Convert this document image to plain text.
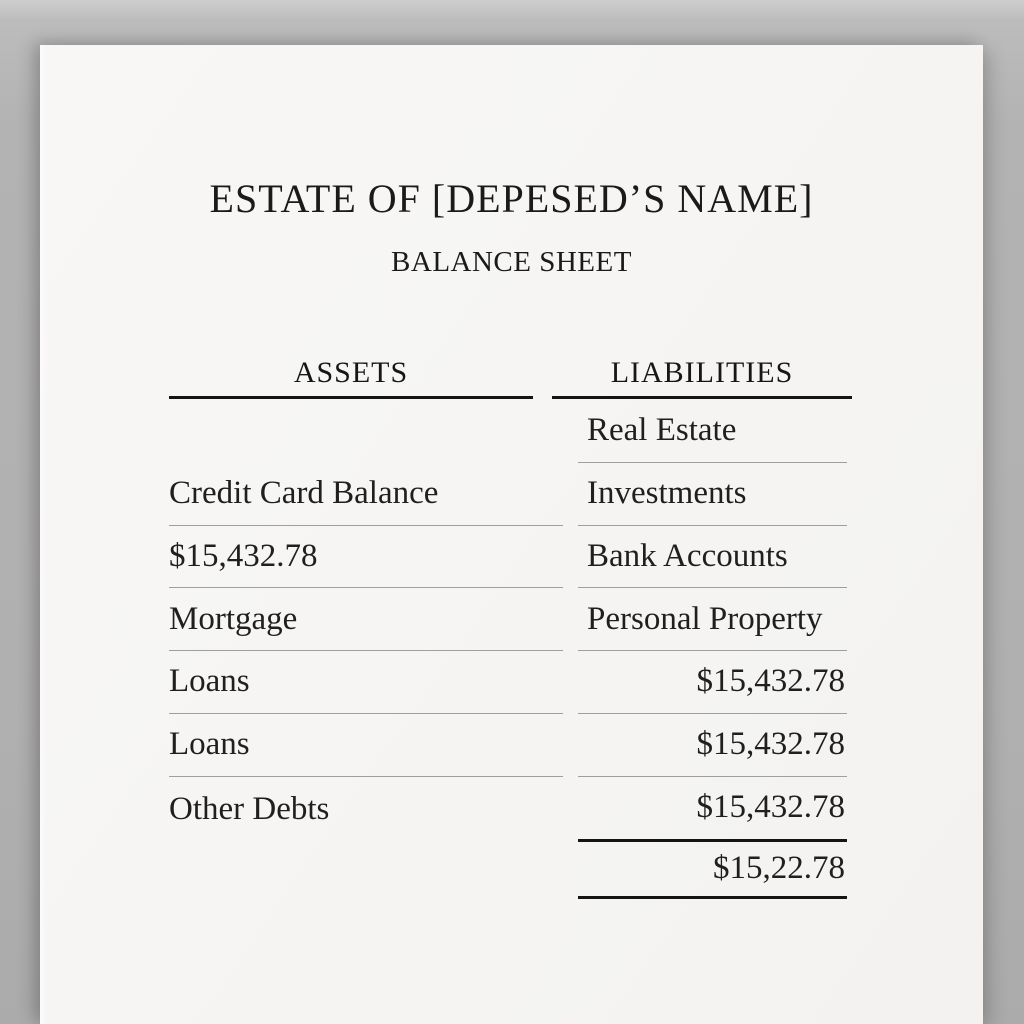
ESTATE OF [DEPESED’S NAME]
BALANCE SHEET
ASSETS	LIABILITIES
Credit Card Balance
$15,432.78
Mortgage
Loans
Loans
Other Debts
Real Estate
Investments
Bank Accounts
Personal Property
$15,432.78
$15,432.78
$15,432.78
$15,22.78
